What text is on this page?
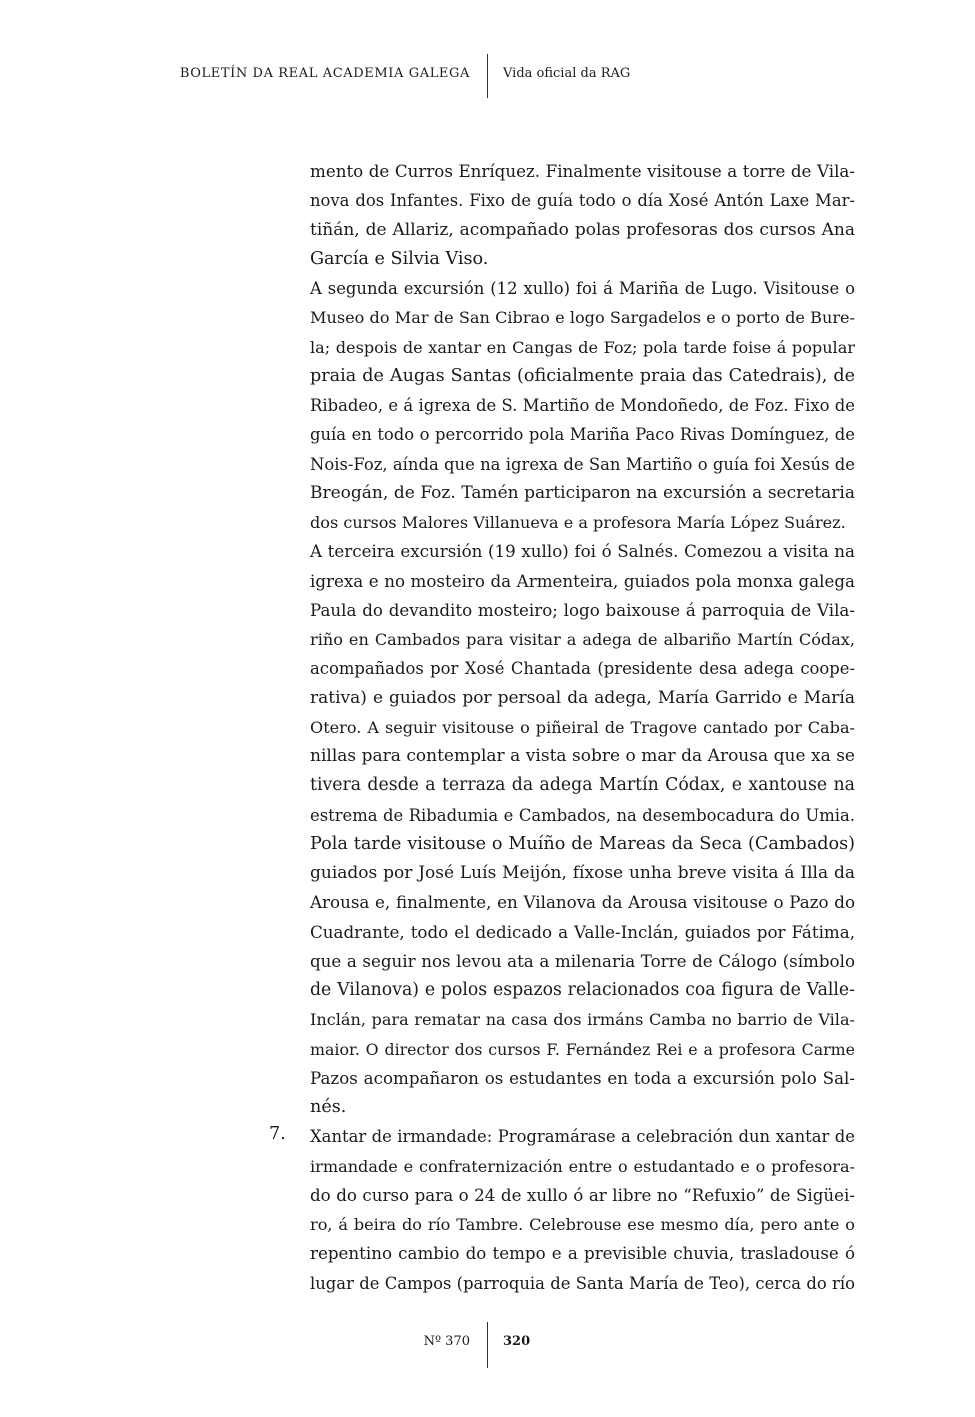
BOLETÍN DA REAL ACADEMIA GALEGA	Vida oficial da RAG
7.
mento de Curros Enríquez. Finalmente visitouse a torre de Vila-
nova dos Infantes. Fixo de guía todo o día Xosé Antón Laxe Mar-
tiñán, de Allariz, acompañado polas profesoras dos cursos Ana
García e Silvia Viso.
A segunda excursión (12 xullo) foi á Mariña de Lugo. Visitouse o
Museo do Mar de San Cibrao e logo Sargadelos e o porto de Bure-
la; despois de xantar en Cangas de Foz; pola tarde foise á popular
praia de Augas Santas (oficialmente praia das Catedrais), de
Ribadeo, e á igrexa de S. Martiño de Mondoñedo, de Foz. Fixo de
guía en todo o percorrido pola Mariña Paco Rivas Domínguez, de
Nois-Foz, aínda que na igrexa de San Martiño o guía foi Xesús de
Breogán, de Foz. Tamén participaron na excursión a secretaria
dos cursos Malores Villanueva e a profesora María López Suárez.
A terceira excursión (19 xullo) foi ó Salnés. Comezou a visita na
igrexa e no mosteiro da Armenteira, guiados pola monxa galega
Paula do devandito mosteiro; logo baixouse á parroquia de Vila-
riño en Cambados para visitar a adega de albariño Martín Códax,
acompañados por Xosé Chantada (presidente desa adega coope-
rativa) e guiados por persoal da adega, María Garrido e María
Otero. A seguir visitouse o piñeiral de Tragove cantado por Caba-
nillas para contemplar a vista sobre o mar da Arousa que xa se
tivera desde a terraza da adega Martín Códax, e xantouse na
estrema de Ribadumia e Cambados, na desembocadura do Umia.
Pola tarde visitouse o Muíño de Mareas da Seca (Cambados)
guiados por José Luís Meijón, fíxose unha breve visita á Illa da
Arousa e, finalmente, en Vilanova da Arousa visitouse o Pazo do
Cuadrante, todo el dedicado a Valle-Inclán, guiados por Fátima,
que a seguir nos levou ata a milenaria Torre de Cálogo (símbolo
de Vilanova) e polos espazos relacionados coa figura de Valle-
Inclán, para rematar na casa dos irmáns Camba no barrio de Vila-
maior. O director dos cursos F. Fernández Rei e a profesora Carme
Pazos acompañaron os estudantes en toda a excursión polo Sal-
nés.
Xantar de irmandade: Programárase a celebración dun xantar de
irmandade e confraternización entre o estudantado e o profesora-
do do curso para o 24 de xullo ó ar libre no “Refuxio” de Sigüei-
ro, á beira do río Tambre. Celebrouse ese mesmo día, pero ante o
repentino cambio do tempo e a previsible chuvia, trasladouse ó
lugar de Campos (parroquia de Santa María de Teo), cerca do río
Nº 370	320
